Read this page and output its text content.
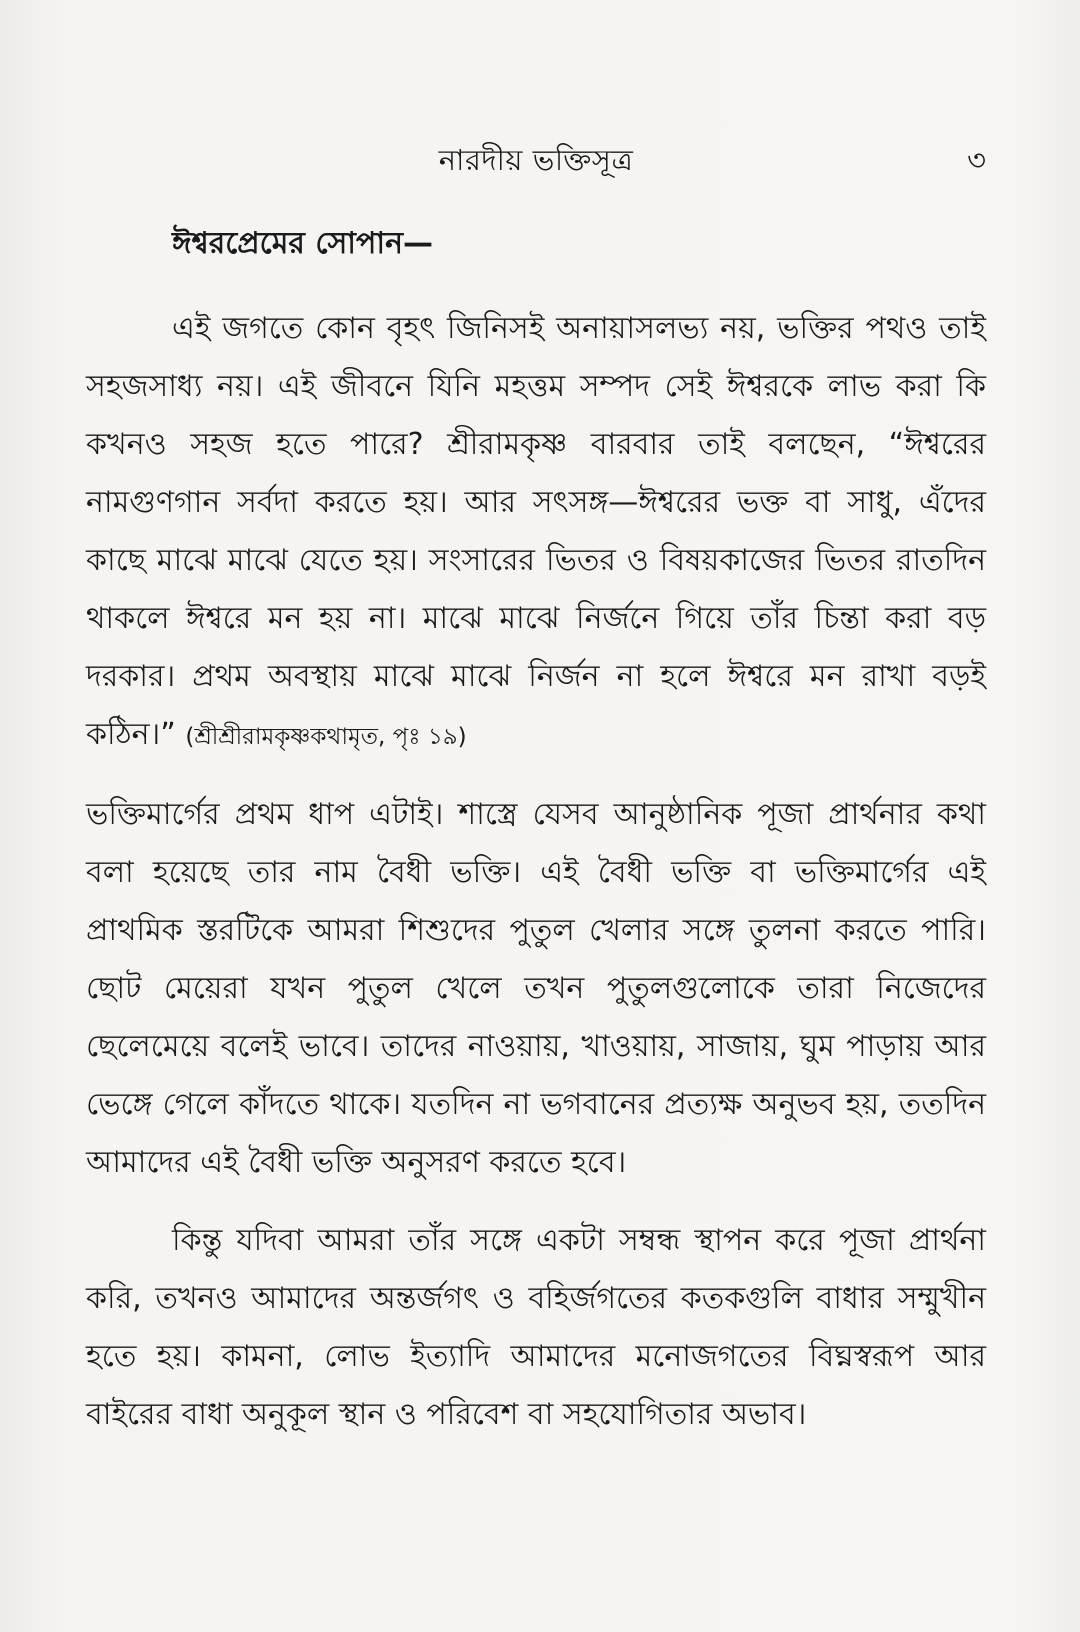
নারদীয় ভক্তিসূত্র	৩
ঈশ্বরপ্রেমের সোপান—

এই জগতে কোন বৃহৎ জিনিসই অনায়াসলভ্য নয়, ভক্তির পথও তাই সহজসাধ্য নয়। এই জীবনে যিনি মহত্তম সম্পদ সেই ঈশ্বরকে লাভ করা কি কখনও সহজ হতে পারে? শ্রীরামকৃষ্ণ বারবার তাই বলছেন, “ঈশ্বরের নামগুণগান সর্বদা করতে হয়। আর সৎসঙ্গ—ঈশ্বরের ভক্ত বা সাধু, এঁদের কাছে মাঝে মাঝে যেতে হয়। সংসারের ভিতর ও বিষয়কাজের ভিতর রাতদিন থাকলে ঈশ্বরে মন হয় না। মাঝে মাঝে নির্জনে গিয়ে তাঁর চিন্তা করা বড় দরকার। প্রথম অবস্থায় মাঝে মাঝে নির্জন না হলে ঈশ্বরে মন রাখা বড়ই কঠিন।” (শ্রীশ্রীরামকৃষ্ণকথামৃত, পৃঃ ১৯)

ভক্তিমার্গের প্রথম ধাপ এটাই। শাস্ত্রে যেসব আনুষ্ঠানিক পূজা প্রার্থনার কথা বলা হয়েছে তার নাম বৈধী ভক্তি। এই বৈধী ভক্তি বা ভক্তিমার্গের এই প্রাথমিক স্তরটিকে আমরা শিশুদের পুতুল খেলার সঙ্গে তুলনা করতে পারি। ছোট মেয়েরা যখন পুতুল খেলে তখন পুতুলগুলোকে তারা নিজেদের ছেলেমেয়ে বলেই ভাবে। তাদের নাওয়ায়, খাওয়ায়, সাজায়, ঘুম পাড়ায় আর ভেঙ্গে গেলে কাঁদতে থাকে। যতদিন না ভগবানের প্রত্যক্ষ অনুভব হয়, ততদিন আমাদের এই বৈধী ভক্তি অনুসরণ করতে হবে।

কিন্তু যদিবা আমরা তাঁর সঙ্গে একটা সম্বন্ধ স্থাপন করে পূজা প্রার্থনা করি, তখনও আমাদের অন্তর্জগৎ ও বহির্জগতের কতকগুলি বাধার সম্মুখীন হতে হয়। কামনা, লোভ ইত্যাদি আমাদের মনোজগতের বিঘ্নস্বরূপ আর বাইরের বাধা অনুকূল স্থান ও পরিবেশ বা সহযোগিতার অভাব।
